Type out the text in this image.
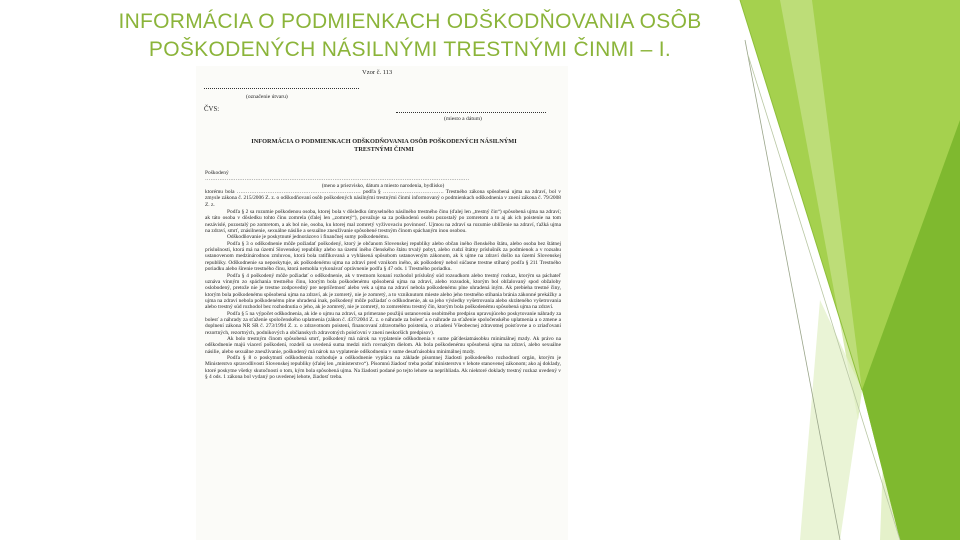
INFORMÁCIA O PODMIENKACH ODŠKODŇOVANIA OSÔB
POŠKODENÝCH NÁSILNÝMI TRESTNÝMI ČINMI – I.
Vzor č. 113
(označenie útvaru)
ČVS:
(miesto a dátum)
INFORMÁCIA O PODMIENKACH ODŠKODŇOVANIA OSÔB POŠKODENÝCH NÁSILNÝMI TRESTNÝMI ČINMI

Poškodený

…………………………………………………………………………………………………………………………………

(meno a priezvisko, dátum a miesto narodenia, bydlisko)

ktorému bola …………………………………………………………… podľa § ……………………………. Trestného zákona spôsobená ujma na zdraví, bol v zmysle zákona č. 215/2006 Z. z. o odškodňovaní osôb poškodených násilnými trestnými činmi informovaný o podmienkach odškodnenia v znení zákona č. 79/2008 Z. z.

Podľa § 2 sa rozumie poškodenou osoba, ktorej bola v dôsledku úmyselného násilného trestného činu (ďalej len „trestný čin“) spôsobená ujma na zdraví; ak táto osoba v dôsledku tohto činu zomrela (ďalej len „zomretý“), považuje sa za poškodenú osobu pozostalý po zomretom a to aj ak ich poistenie na tom nezávislé, pozostalý po zomretom, a ak bol nie, osoba, ku ktorej mal zomretý vyživovaciu povinnosť. Ujmou na zdraví sa rozumie ublíženie na zdraví, ťažká ujma na zdraví, smrť, znásilnenie, sexuálne násilie a sexuálne zneužívanie spôsobené trestným činom spáchaným inou osobou.

Odškodňovanie je poskytnuté jednorázovo i finančnej sumy poškodenému.

Podľa § 3 o odškodnenie môže požiadať poškodený, ktorý je občanom Slovenskej republiky alebo občan iného členského štátu, alebo osoba bez štátnej príslušnosti, ktorá má na území Slovenskej republiky alebo na území iného členského štátu trvalý pobyt, alebo cudzí štátny príslušník za podmienok a v rozsahu ustanovenom medzinárodnou zmluvou, ktorá bola ratifikovaná a vyhlásená spôsobom ustanoveným zákonom, ak k ujme na zdraví došlo na území Slovenskej republiky. Odškodnenie sa neposkytuje, ak poškodenému ujma na zdraví pred vznikom iného, ak poškodený nebol súčasne trestne stíhaný podľa § 211 Trestného poriadku alebo šírenie trestného činu, ktorá nemohla vykonávať oprávnenie podľa § 47 ods. 1 Trestného poriadku.

Podľa § 4 poškodený môže požiadať o odškodnenie, ak v trestnom konaní rozhodol príslušný súd rozsudkom alebo trestný rozkaz, ktorým sa páchateľ uznáva vinným zo spáchania trestného činu, ktorým bola poškodenému spôsobená ujma na zdraví, alebo rozsudok, ktorým bol obžalovaný spod obžaloby oslobodený, pretože nie je trestne zodpovedný pre nepríčetnosť alebo vek a ujma na zdraví nebola poškodenému plne uhradená iným. Ak prebieha trestné činy, ktorým bola poškodenému spôsobená ujma na zdraví, ak je zomretý, nie je zomretý, a to vzniknutom mieste alebo jeho trestného stíhania bránia zákonné prekážky a ujma na zdraví nebola poškodenému plne uhradená inak, poškodený môže požiadať o odškodnenie, ak sa jeho výsledky vyšetrovania alebo skráteného vyšetrovania alebo trestný súd rozhodol bez rozhodnutia o jeho, ak je zomretý, nie je zomretý, to zomretému trestný čin, ktorým bola poškodenému spôsobená ujma na zdraví.

Podľa § 5 na výpočet odškodnenia, ak ide o ujmu na zdraví, sa primerane použijú ustanovenia osobitného predpisu upravujúceho poskytovanie náhrady za bolesť a náhrady za sťaženie spoločenského uplatnenia (zákon č. 437/2004 Z. z. o náhrade za bolesť a o náhrade za sťaženie spoločenského uplatnenia a o zmene a doplnení zákona NR SR č. 273/1994 Z. z. o zdravotnom poistení, financovaní zdravotného poistenia, o zriadení Všeobecnej zdravotnej poisťovne a o zriaďovaní rezortných, rezortných, podnikových a občianskych zdravotných poisťovní v znení neskorších predpisov).

Ak bolo trestným činom spôsobená smrť, poškodený má nárok na vyplatenie odškodnenia v sume päťdesiatnásobku minimálnej mzdy. Ak právo na odškodnenie majú viacerí poškodení, rozdelí sa uvedená suma medzi nich rovnakým dielom. Ak bola poškodenému spôsobená ujma na zdraví, alebo sexuálne násilie, alebo sexuálne zneužívanie, poškodený má nárok na vyplatenie odškodnenia v sume desaťnásobku minimálnej mzdy.

Podľa § 8 o poskytnutí odškodnenia rozhoduje a odškodnenie vypláca na základe písomnej žiadosti poškodeného rozhodnutí orgán, ktorým je Ministerstvo spravodlivosti Slovenskej republiky (ďalej len „ministerstvo“). Písomnú žiadosť treba podať ministerstvu v lehote stanovenej zákonom; ako aj doklady, ktoré poskytne všetky skutočnosti o tom, kým bola spôsobená ujma. Na žiadosti podané po tejto lehote sa neprihliada. Ak niektoré doklady trestný rozkaz uvedený v § 4 ods. 1 zákona bol vydaný po uvedenej lehote, žiadosť treba.
